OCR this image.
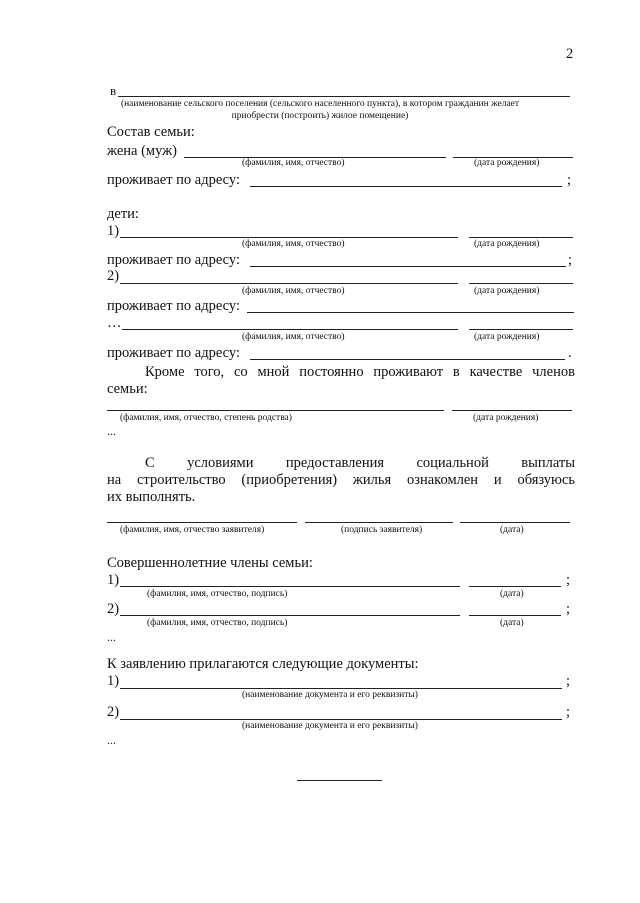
2
в
(наименование сельского поселения (сельского населенного пункта), в котором гражданин желает
приобрести (построить) жилое помещение)
Состав семьи:
жена (муж)
(фамилия, имя, отчество)	(дата рождения)
проживает по адресу:	;
дети:
1)
(фамилия, имя, отчество)	(дата рождения)
проживает по адресу:	;
2)
(фамилия, имя, отчество)	(дата рождения)
проживает по адресу:
…
(фамилия, имя, отчество)	(дата рождения)
проживает по адресу:	.
Кроме того, со мной постоянно проживают в качестве членов
семьи:
(фамилия, имя, отчество, степень родства)	(дата рождения)
...
С условиями предоставления социальной выплаты
на строительство (приобретения) жилья ознакомлен и обязуюсь
их выполнять.
(фамилия, имя, отчество заявителя)	(подпись заявителя)	(дата)
Совершеннолетние члены семьи:
1)	;
(фамилия, имя, отчество, подпись)	(дата)
2)	;
(фамилия, имя, отчество, подпись)	(дата)
...
К заявлению прилагаются следующие документы:
1)	;
(наименование документа и его реквизиты)
2)	;
(наименование документа и его реквизиты)
...
